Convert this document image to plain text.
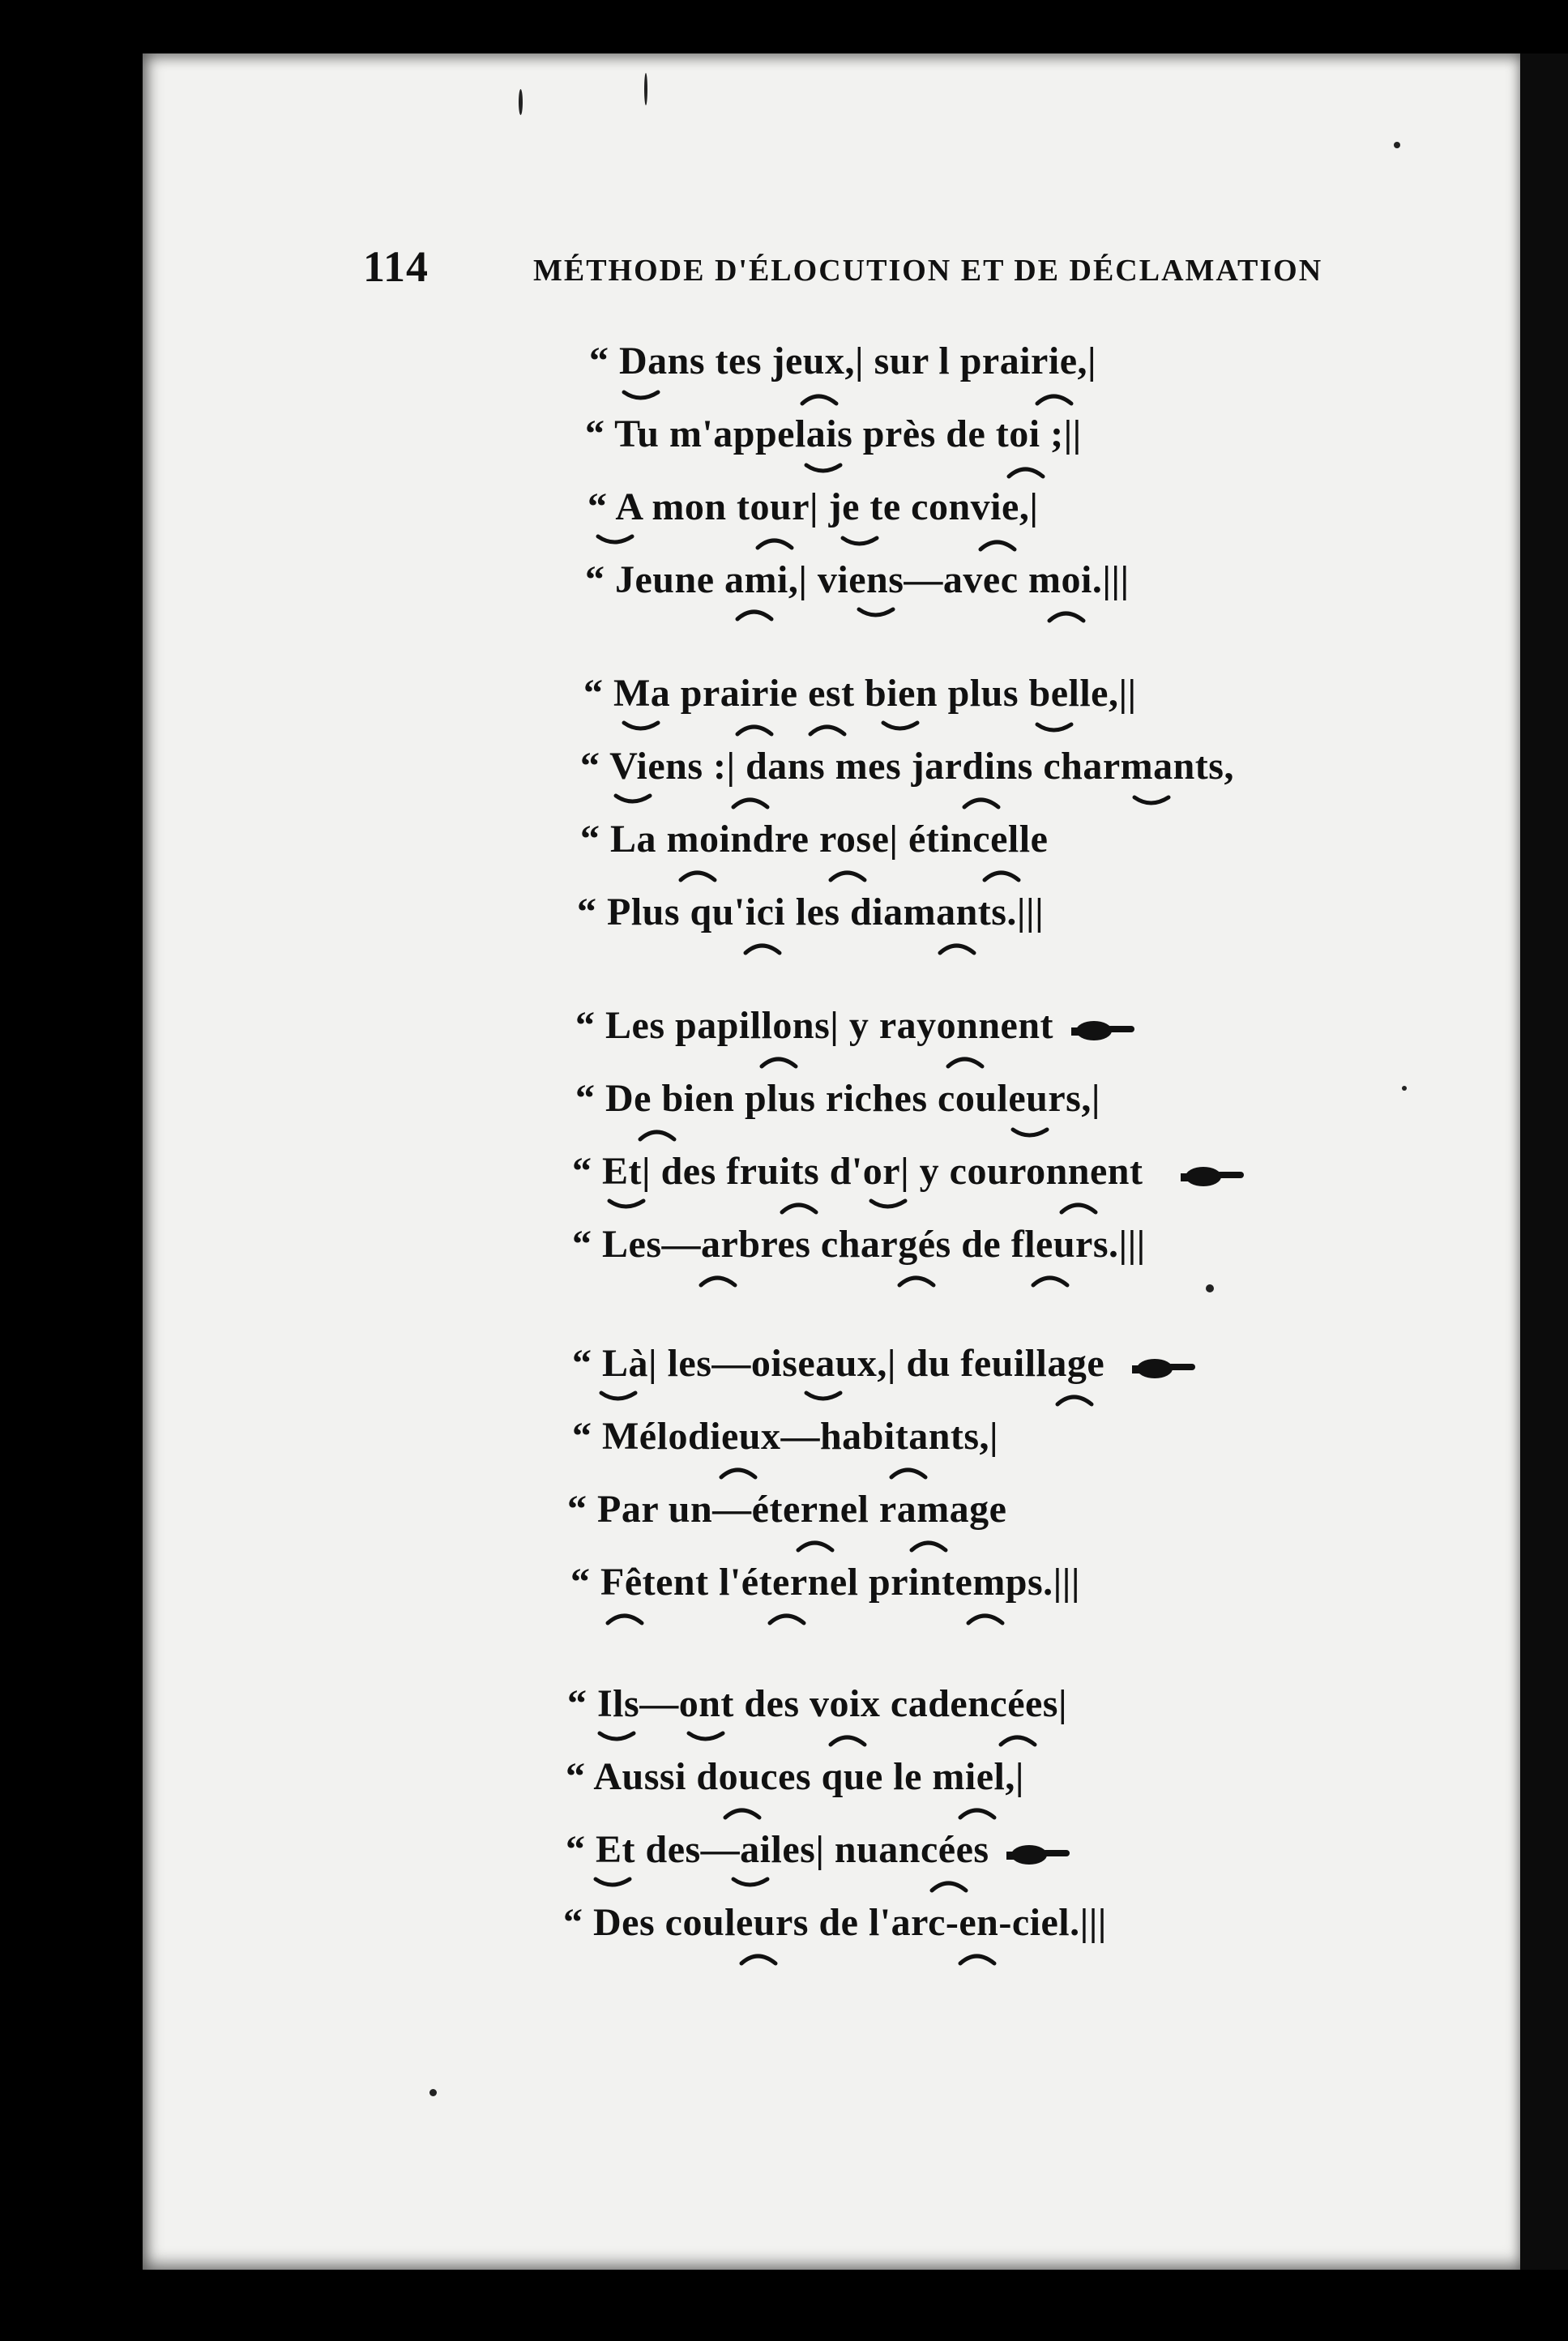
114	MÉTHODE D'ÉLOCUTION ET DE DÉCLAMATION
“ Dans tes jeux,| sur l prairie,|
“ Tu m'appelais près de toi ;||
“ A mon tour| je te convie,|
“ Jeune ami,| viens—avec moi.|||
“ Ma prairie est bien plus belle,||
“ Viens :| dans mes jardins charmants,
“ La moindre rose| étincelle
“ Plus qu'ici les diamants.|||
“ Les papillons| y rayonnent
“ De bien plus riches couleurs,|
“ Et| des fruits d'or| y couronnent
“ Les—arbres chargés de fleurs.|||
“ Là| les—oiseaux,| du feuillage
“ Mélodieux—habitants,|
“ Par un—éternel ramage
“ Fêtent l'éternel printemps.|||
“ Ils—ont des voix cadencées|
“ Aussi douces que le miel,|
“ Et des—ailes| nuancées
“ Des couleurs de l'arc-en-ciel.|||
